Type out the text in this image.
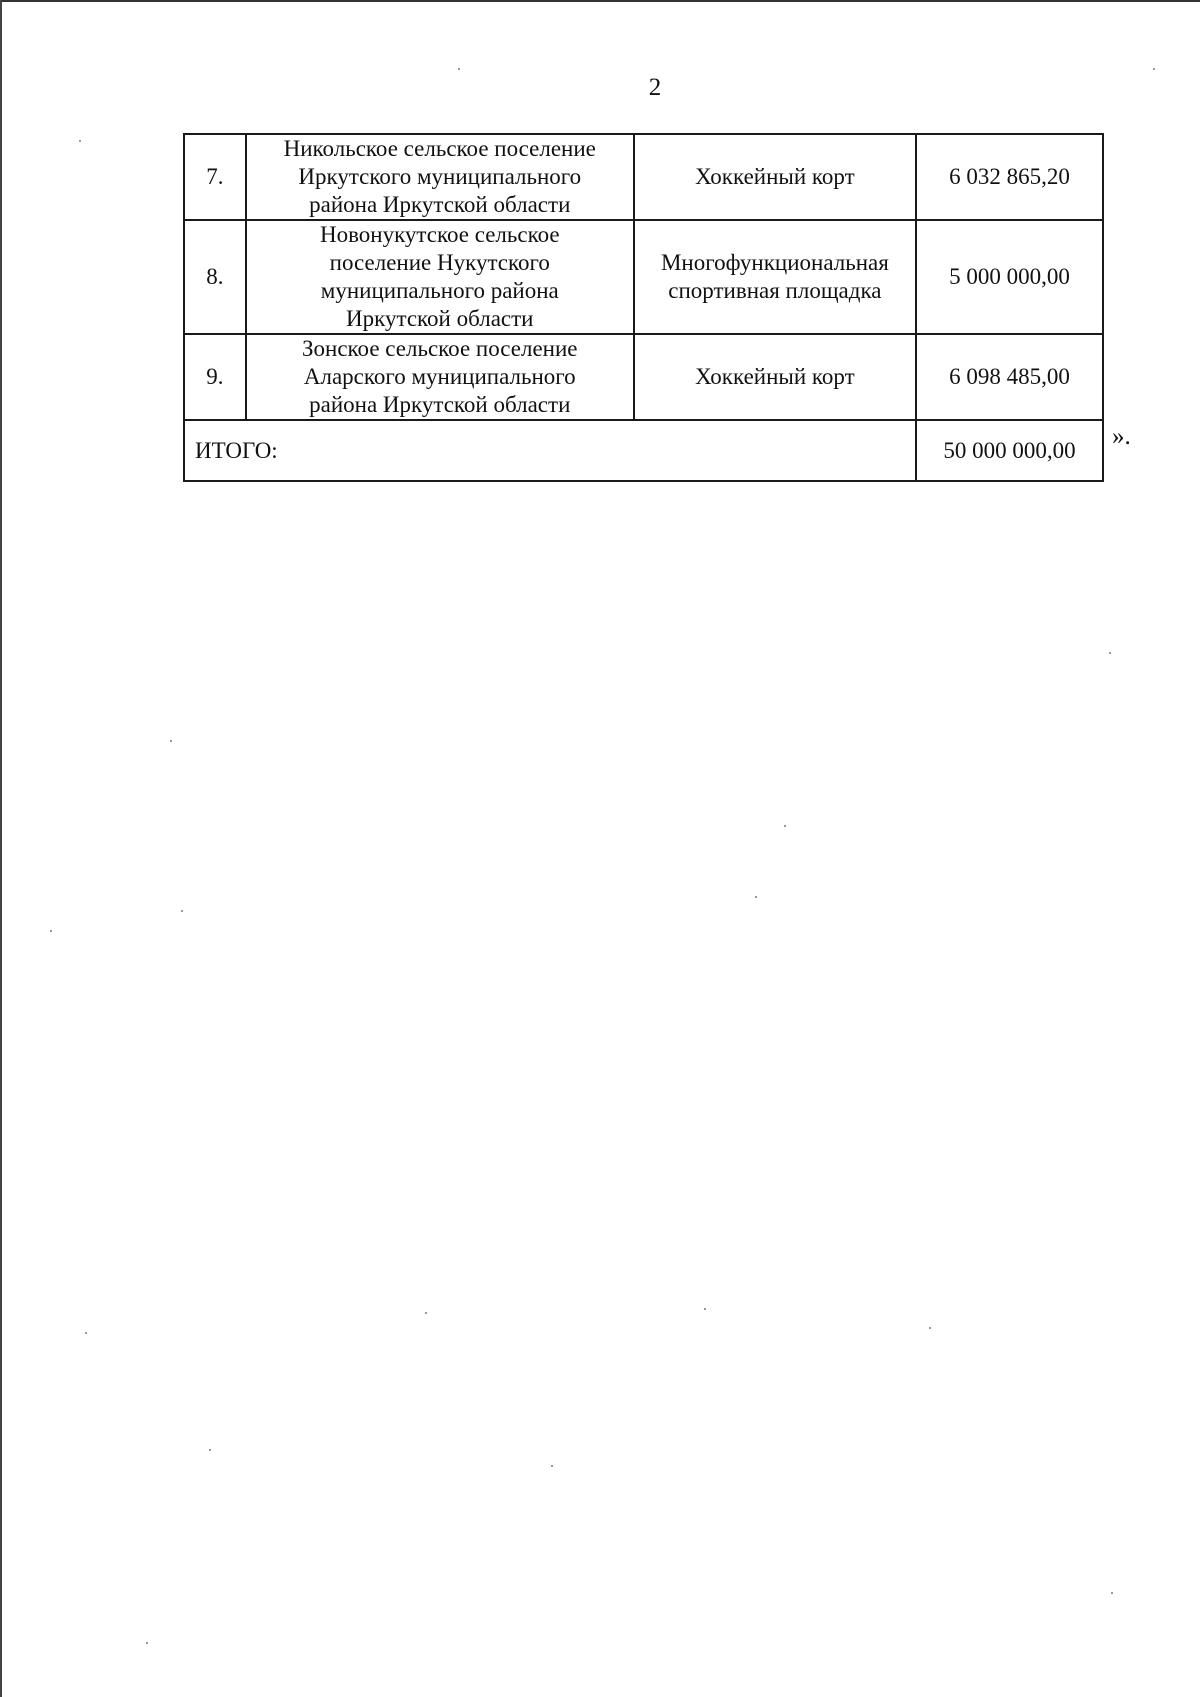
2
7.	Никольское сельское поселение
Иркутского муниципального
района Иркутской области	Хоккейный корт	6 032 865,20
8.	Новонукутское сельское
поселение Нукутского
муниципального района
Иркутской области	Многофункциональная
спортивная площадка	5 000 000,00
9.	Зонское сельское поселение
Аларского муниципального
района Иркутской области	Хоккейный корт	6 098 485,00
ИТОГО:			50 000 000,00 ».
